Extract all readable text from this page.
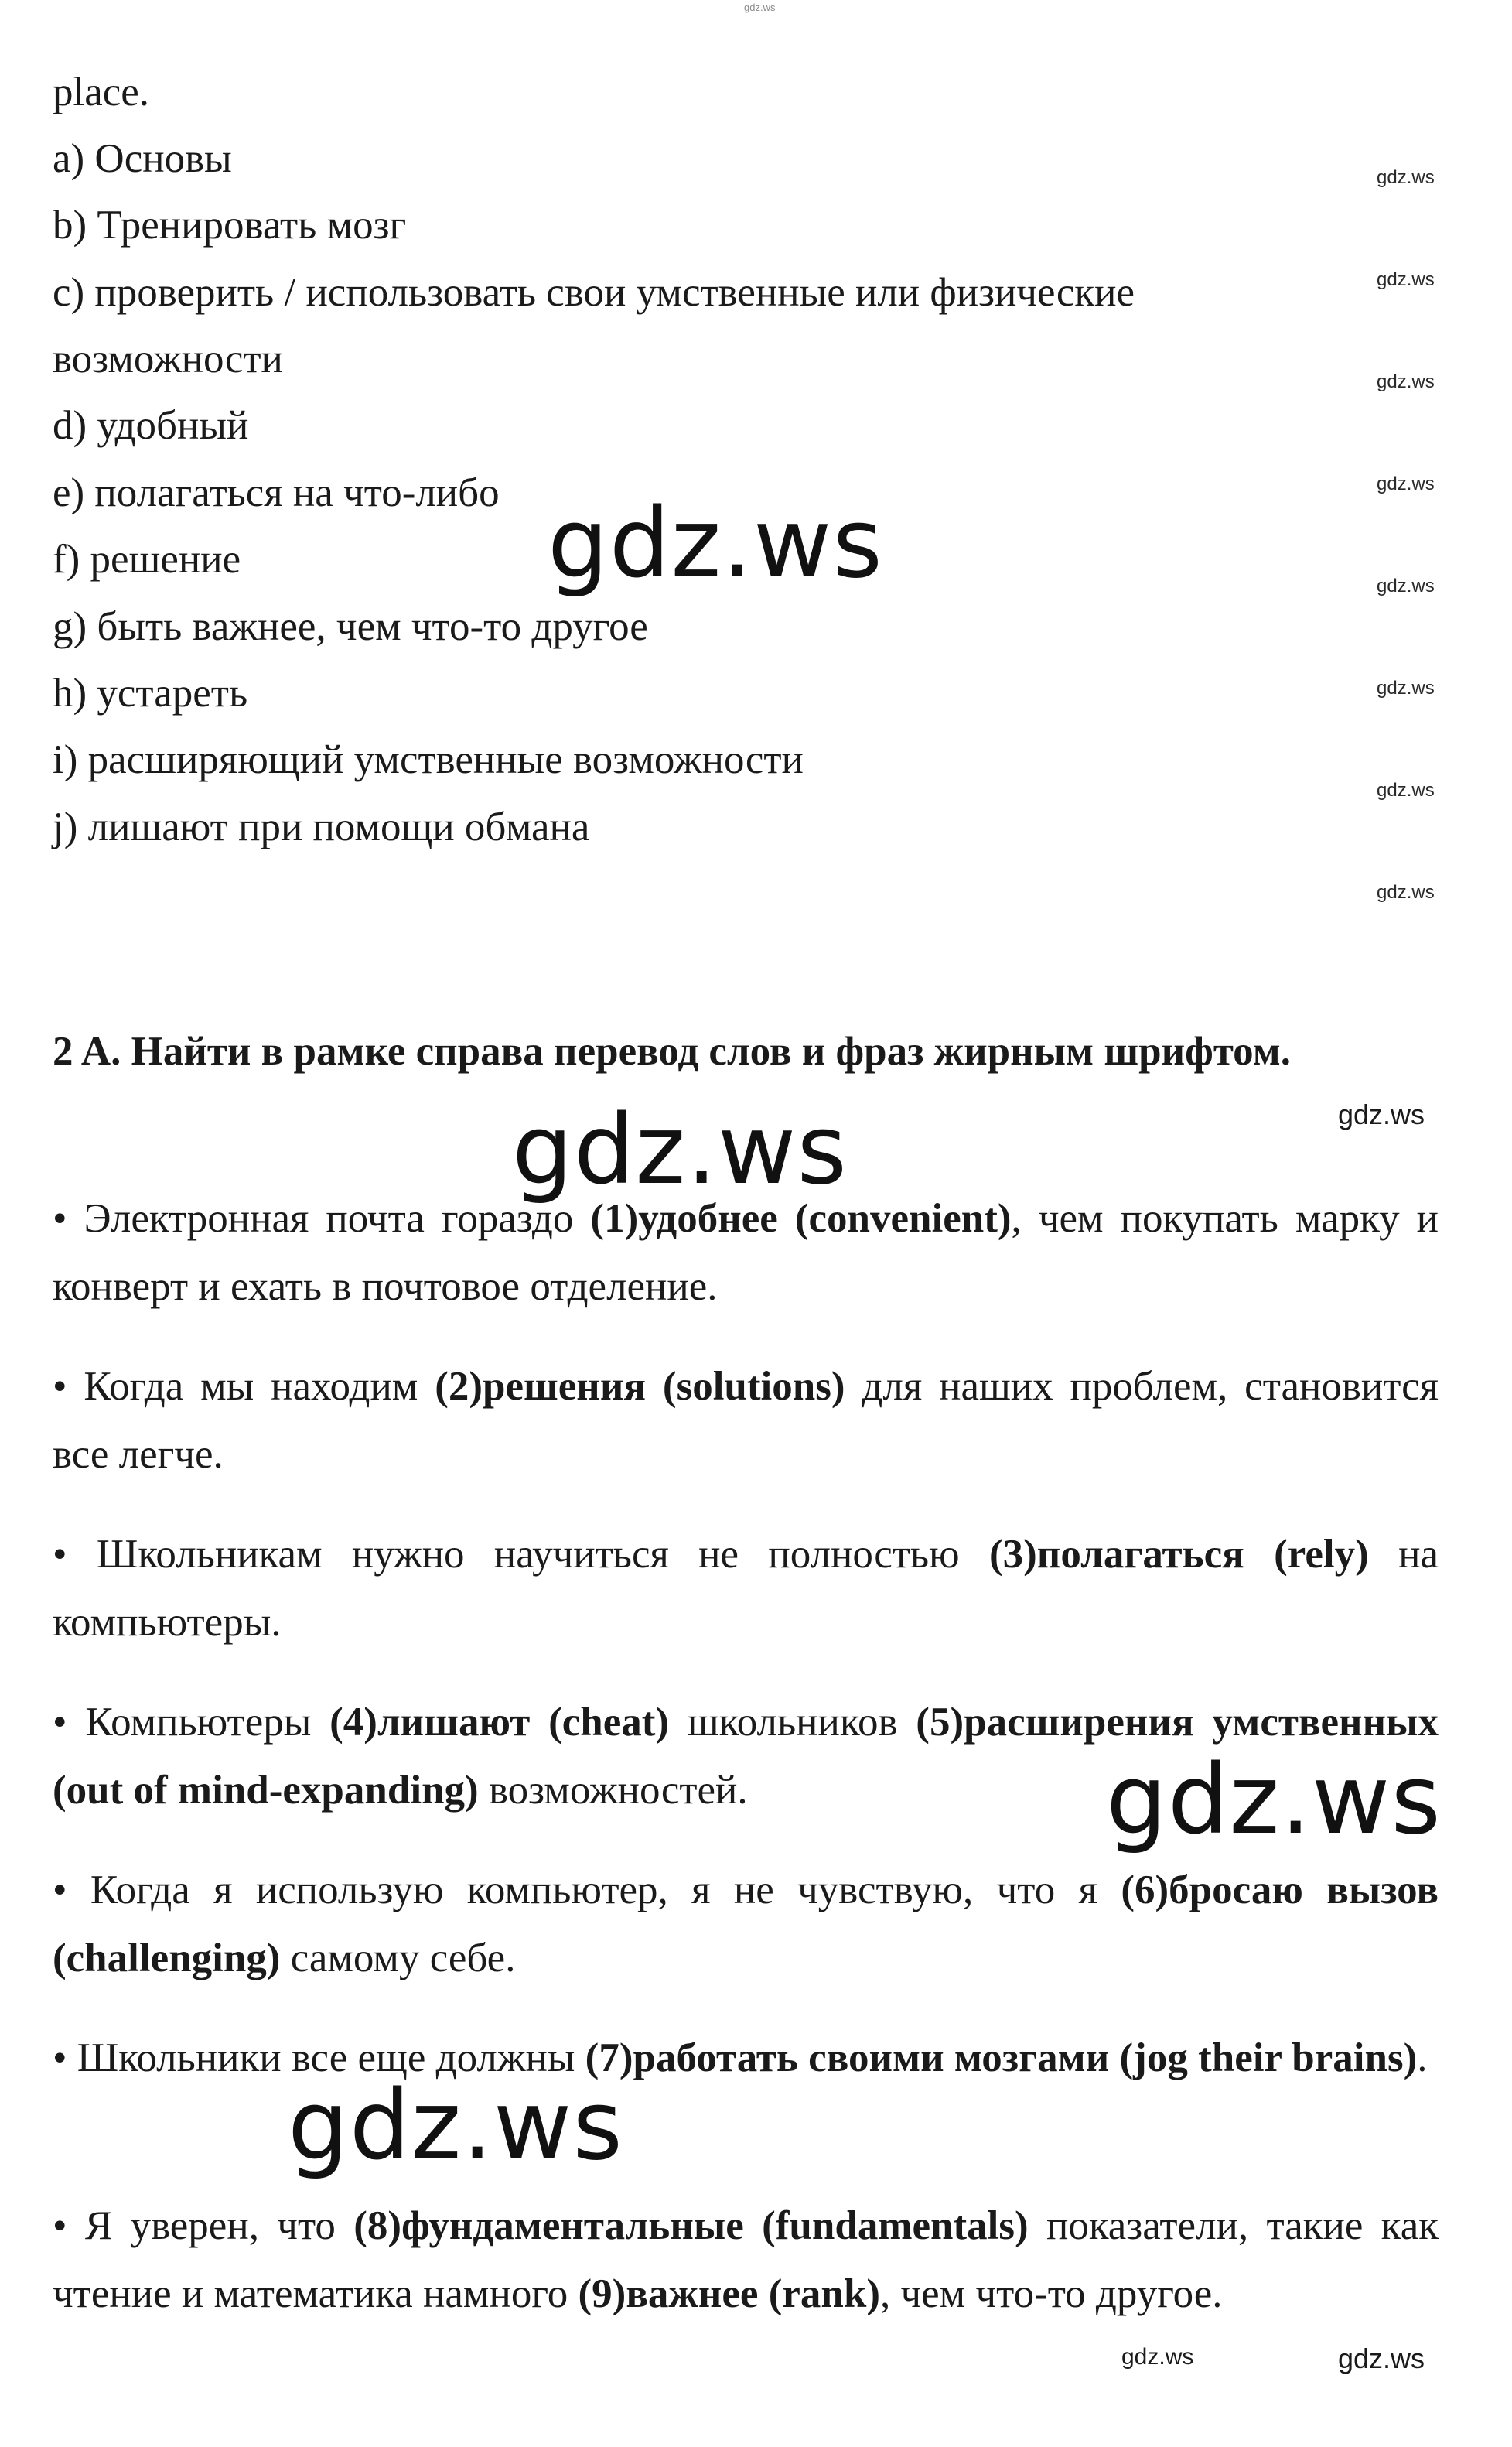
gdz.ws
place.
a) Основы
b) Тренировать мозг
c) проверить / использовать свои умственные или физические
возможности
d) удобный
e) полагаться на что-либо
f) решение
g) быть важнее, чем что-то другое
h) устареть
i) расширяющий умственные возможности
j) лишают при помощи обмана
gdz.ws
gdz.ws
gdz.ws
gdz.ws
gdz.ws
gdz.ws
gdz.ws
gdz.ws
gdz.ws
2 A. Найти в рамке справа перевод слов и фраз жирным шрифтом.
gdz.ws
gdz.ws
• Электронная почта гораздо (1)удобнее (convenient), чем покупать марку и конверт и ехать в почтовое отделение.
• Когда мы находим (2)решения (solutions) для наших проблем, становится все легче.
• Школьникам нужно научиться не полностью (3)полагаться (rely) на компьютеры.
• Компьютеры (4)лишают (cheat) школьников (5)расширения умственных (out of mind-expanding) возможностей.	gdz.ws
• Когда я использую компьютер, я не чувствую, что я (6)бросаю вызов (challenging) самому себе.
• Школьники все еще должны (7)работать своими мозгами (jog their brains).
gdz.ws
• Я уверен, что (8)фундаментальные (fundamentals) показатели, такие как чтение и математика намного (9)важнее (rank), чем что-то другое.
gdz.ws	gdz.ws
